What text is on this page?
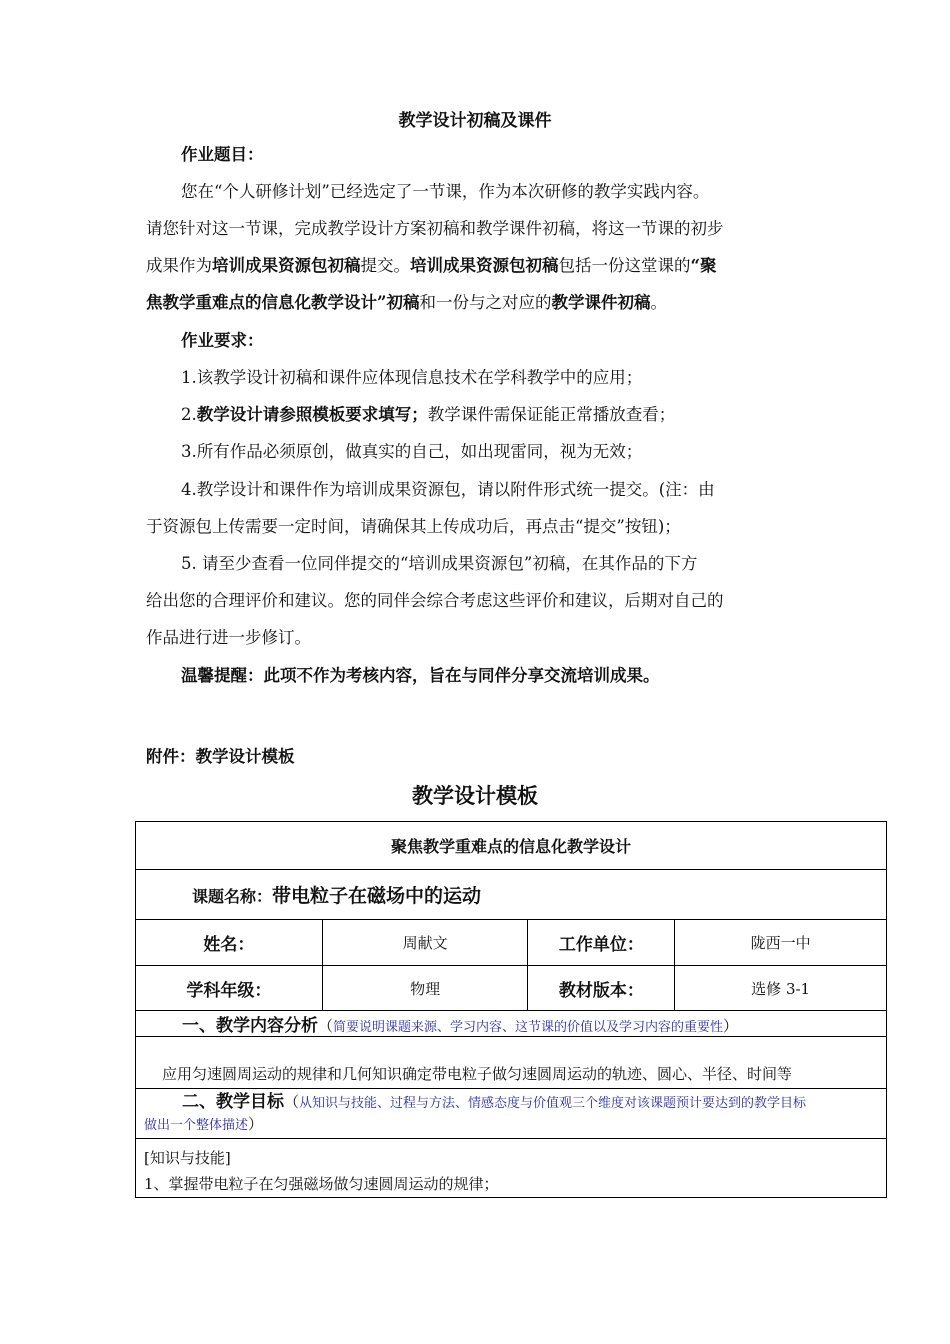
教学设计初稿及课件
作业题目：
您在“个人研修计划”已经选定了一节课，作为本次研修的教学实践内容。
请您针对这一节课，完成教学设计方案初稿和教学课件初稿，将这一节课的初步
成果作为培训成果资源包初稿提交。培训成果资源包初稿包括一份这堂课的“聚
焦教学重难点的信息化教学设计”初稿和一份与之对应的教学课件初稿。
作业要求：
1.该教学设计初稿和课件应体现信息技术在学科教学中的应用；
2.教学设计请参照模板要求填写；教学课件需保证能正常播放查看；
3.所有作品必须原创，做真实的自己，如出现雷同，视为无效；
4.教学设计和课件作为培训成果资源包，请以附件形式统一提交。(注：由
于资源包上传需要一定时间，请确保其上传成功后，再点击“提交”按钮)；
5. 请至少查看一位同伴提交的“培训成果资源包”初稿，在其作品的下方
给出您的合理评价和建议。您的同伴会综合考虑这些评价和建议，后期对自己的
作品进行进一步修订。
温馨提醒：此项不作为考核内容，旨在与同伴分享交流培训成果。
附件：教学设计模板
教学设计模板
聚焦教学重难点的信息化教学设计			
课题名称：带电粒子在磁场中的运动			
姓名：	周献文	工作单位：	陇西一中
学科年级：	物理	教材版本：	选修 3-1
一、教学内容分析（简要说明课题来源、学习内容、这节课的价值以及学习内容的重要性）			
应用匀速圆周运动的规律和几何知识确定带电粒子做匀速圆周运动的轨迹、圆心、半径、时间等			

二、教学目标（从知识与技能、过程与方法、情感态度与价值观三个维度对该课题预计要达到的教学目标
做出一个整体描述）			

[知识与技能]
1、掌握带电粒子在匀强磁场做匀速圆周运动的规律；			
